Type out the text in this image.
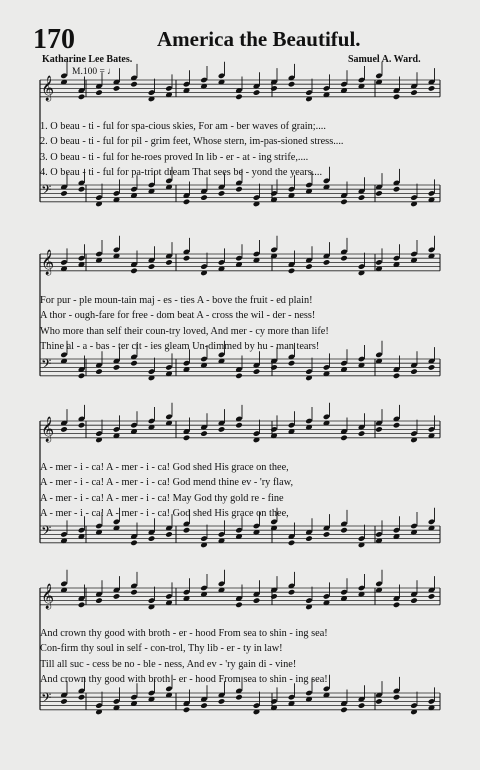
𝄞
𝄢
𝄞
𝄢
𝄞
𝄢
𝄞
𝄢
170	America the Beautiful.
Katharine Lee Bates.	Samuel A. Ward.
M.100 = ♩
1. O beau - ti - ful for spa-cious skies, For am - ber waves of grain;....
2. O beau - ti - ful for pil - grim feet, Whose stern, im-pas-sioned stress....
3. O beau - ti - ful for he-roes proved In lib - er - at - ing strife,....
4. O beau - ti - ful for pa-triot dream That sees be - yond the years....
For pur - ple moun-tain maj - es - ties A - bove the fruit - ed plain!
A thor - ough-fare for free - dom beat A - cross the wil - der - ness!
Who more than self their coun-try loved, And mer - cy more than life!
Thine al - a - bas - ter cit - ies gleam Un-dimmed by hu - man tears!
A - mer - i - ca! A - mer - i - ca! God shed His grace on thee,
A - mer - i - ca! A - mer - i - ca! God mend thine ev - 'ry flaw,
A - mer - i - ca! A - mer - i - ca! May God thy gold re - fine
A - mer - i - ca! A - mer - i - ca! God shed His grace on thee,
And crown thy good with broth - er - hood From sea to shin - ing sea!
Con-firm thy soul in self - con-trol, Thy lib - er - ty in law!
Till all suc - cess be no - ble - ness, And ev - 'ry gain di - vine!
And crown thy good with broth - er - hood From sea to shin - ing sea!
